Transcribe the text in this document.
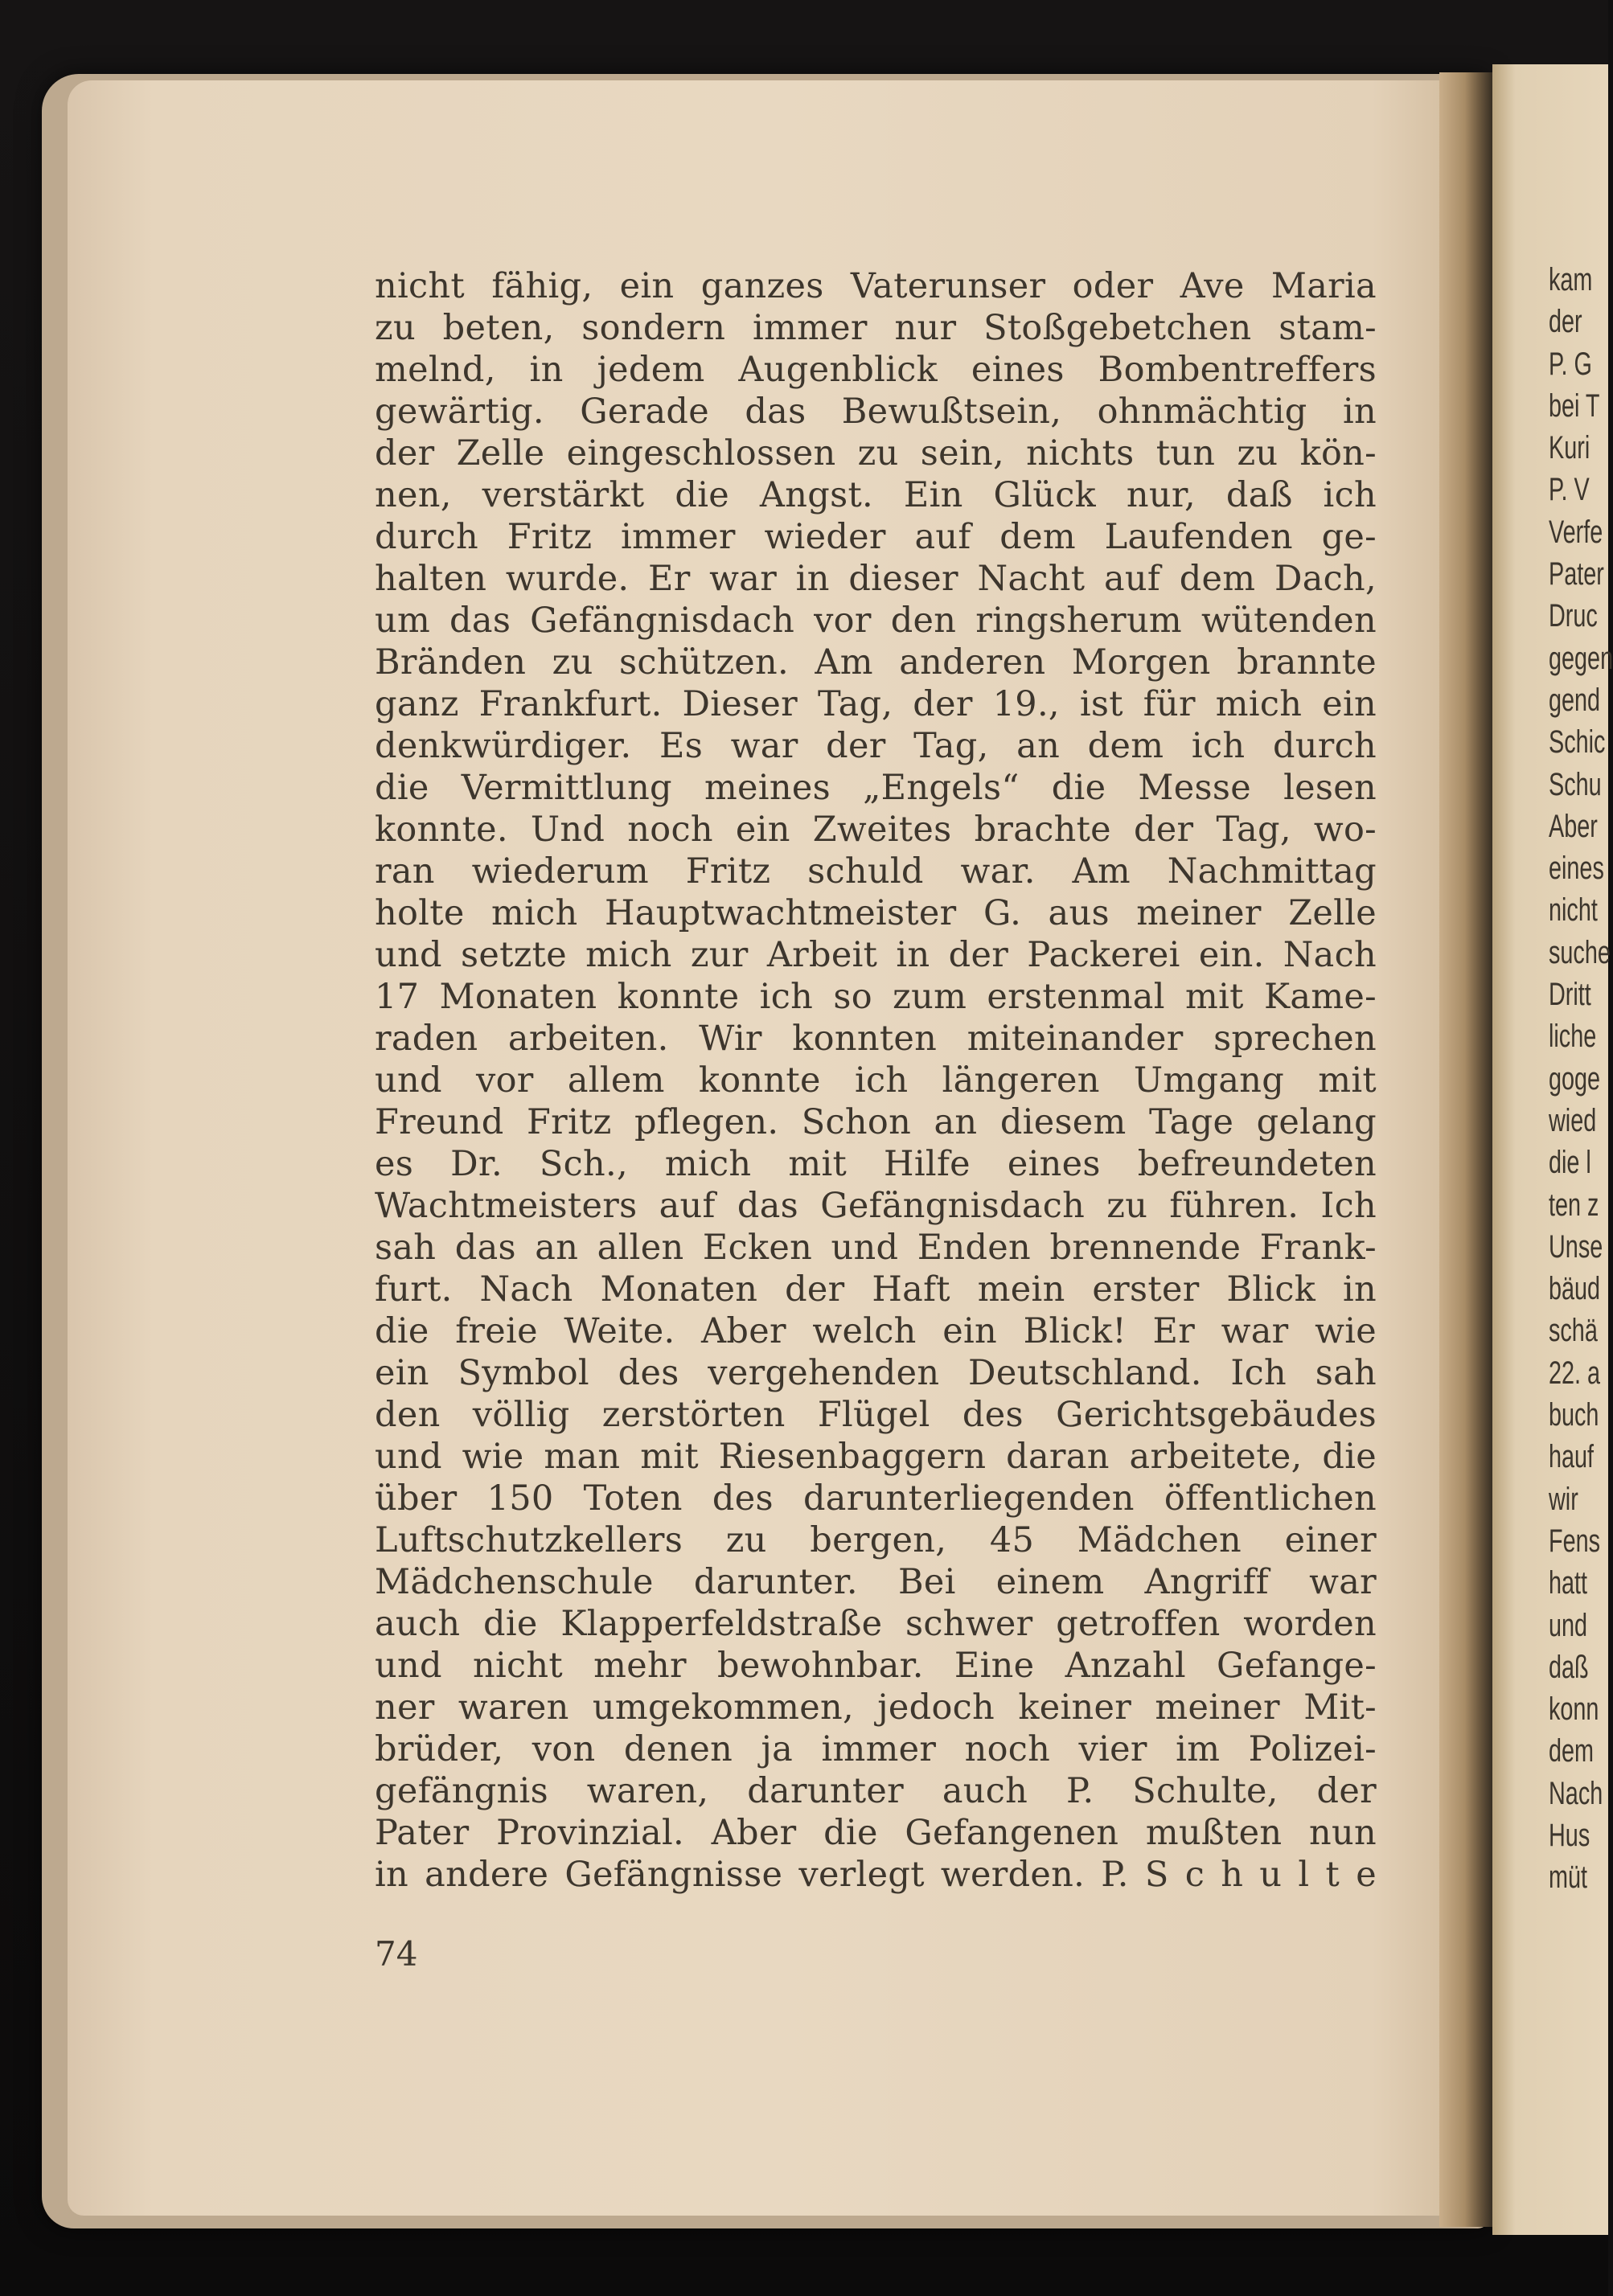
nicht fähig, ein ganzes Vaterunser oder Ave Maria
zu beten, sondern immer nur Stoßgebetchen stam-
melnd, in jedem Augenblick eines Bombentreffers
gewärtig. Gerade das Bewußtsein, ohnmächtig in
der Zelle eingeschlossen zu sein, nichts tun zu kön-
nen, verstärkt die Angst. Ein Glück nur, daß ich
durch Fritz immer wieder auf dem Laufenden ge-
halten wurde. Er war in dieser Nacht auf dem Dach,
um das Gefängnisdach vor den ringsherum wütenden
Bränden zu schützen. Am anderen Morgen brannte
ganz Frankfurt. Dieser Tag, der 19., ist für mich ein
denkwürdiger. Es war der Tag, an dem ich durch
die Vermittlung meines „Engels“ die Messe lesen
konnte. Und noch ein Zweites brachte der Tag, wo-
ran wiederum Fritz schuld war. Am Nachmittag
holte mich Hauptwachtmeister G. aus meiner Zelle
und setzte mich zur Arbeit in der Packerei ein. Nach
17 Monaten konnte ich so zum erstenmal mit Kame-
raden arbeiten. Wir konnten miteinander sprechen
und vor allem konnte ich längeren Umgang mit
Freund Fritz pflegen. Schon an diesem Tage gelang
es Dr. Sch., mich mit Hilfe eines befreundeten
Wachtmeisters auf das Gefängnisdach zu führen. Ich
sah das an allen Ecken und Enden brennende Frank-
furt. Nach Monaten der Haft mein erster Blick in
die freie Weite. Aber welch ein Blick! Er war wie
ein Symbol des vergehenden Deutschland. Ich sah
den völlig zerstörten Flügel des Gerichtsgebäudes
und wie man mit Riesenbaggern daran arbeitete, die
über 150 Toten des darunterliegenden öffentlichen
Luftschutzkellers zu bergen, 45 Mädchen einer
Mädchenschule darunter. Bei einem Angriff war
auch die Klapperfeldstraße schwer getroffen worden
und nicht mehr bewohnbar. Eine Anzahl Gefange-
ner waren umgekommen, jedoch keiner meiner Mit-
brüder, von denen ja immer noch vier im Polizei-
gefängnis waren, darunter auch P. Schulte, der
Pater Provinzial. Aber die Gefangenen mußten nun
in andere Gefängnisse verlegt werden. P. S c h u l t e
74
kam
der
P. G
bei T
Kuri
P. V
Verfe
Pater
Druc
gegen
gend
Schic
Schu
Aber
eines
nicht
suche
Dritt
liche
goge
wied
die l
ten z
Unse
bäud
schä
22. a
buch
hauf
wir
Fens
hatt
und
daß
konn
dem
Nach
Hus
müt
